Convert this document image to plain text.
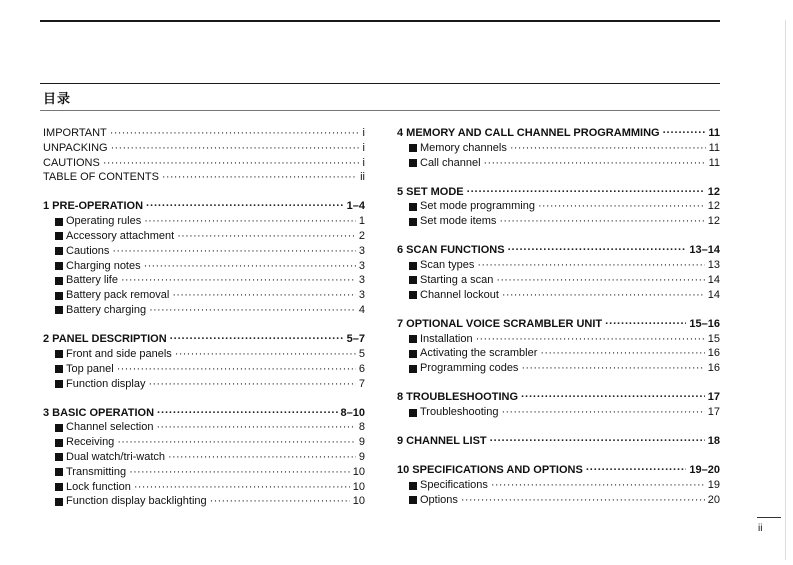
目录
IMPORTANT ·····	i
UNPACKING ·····	i
CAUTIONS ·····	i
TABLE OF CONTENTS ·····	ii
1 PRE-OPERATION ·····	1–4
Operating rules ·····	1
Accessory attachment ·····	2
Cautions ·····	3
Charging notes ·····	3
Battery life ·····	3
Battery pack removal ·····	3
Battery charging ·····	4
2 PANEL DESCRIPTION ·····	5–7
Front and side panels ·····	5
Top panel ·····	6
Function display ·····	7
3 BASIC OPERATION ·····	8–10
Channel selection ·····	8
Receiving ·····	9
Dual watch/tri-watch ·····	9
Transmitting ·····	10
Lock function ·····	10
Function display backlighting ·····	10
4 MEMORY AND CALL CHANNEL PROGRAMMING ·····	11
Memory channels ·····	11
Call channel ·····	11
5 SET MODE ·····	12
Set mode programming ·····	12
Set mode items ·····	12
6 SCAN FUNCTIONS ·····	13–14
Scan types ·····	13
Starting a scan ·····	14
Channel lockout ·····	14
7 OPTIONAL VOICE SCRAMBLER UNIT ·····	15–16
Installation ·····	15
Activating the scrambler ·····	16
Programming codes ·····	16
8 TROUBLESHOOTING ·····	17
Troubleshooting ·····	17
9 CHANNEL LIST ·····	18
10 SPECIFICATIONS AND OPTIONS ·····	19–20
Specifications ·····	19
Options ·····	20
ii
